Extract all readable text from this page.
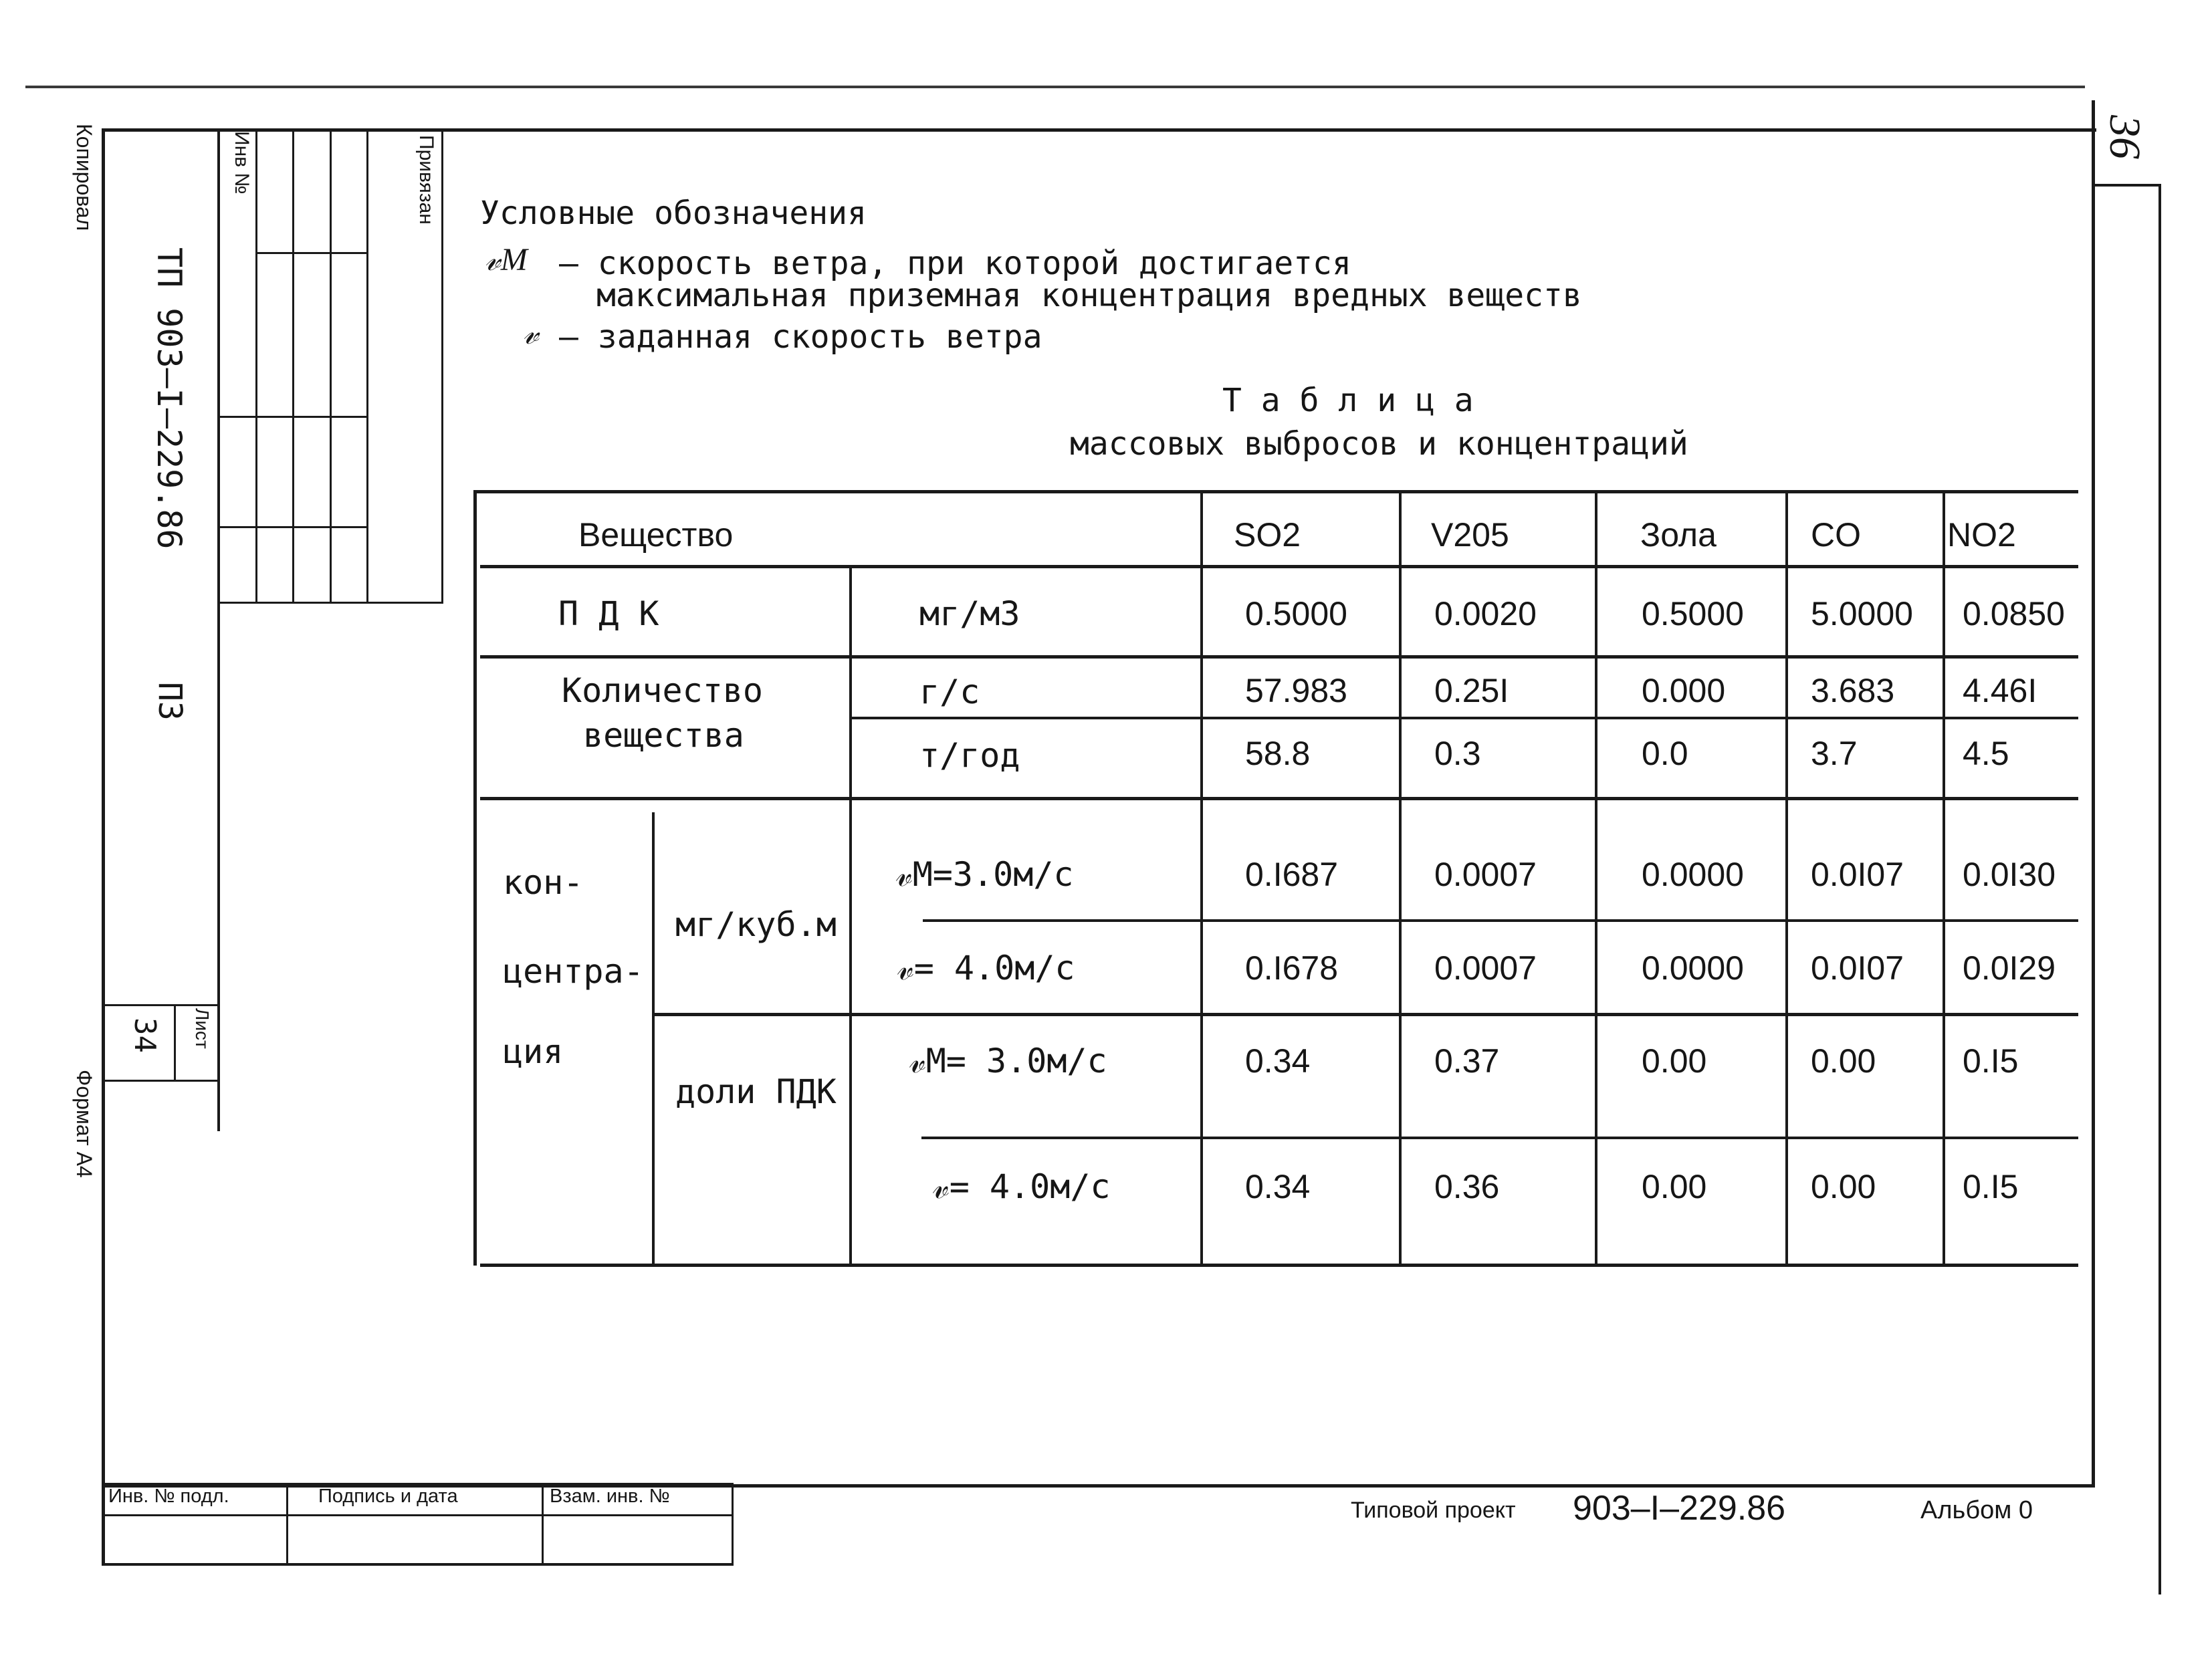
36
Копировал
Формат А4
Инв №	Привязан
ТП 903–I–229.86
ПЗ
Лист
34
Условные обозначения
𝓋М – скорость ветра, при которой достигается
максимальная приземная концентрация вредных веществ
𝓋 – заданная скорость ветра
Т а б л и ц а
массовых выбросов и концентраций
Вещество	SO2	V205	Зола	CO	NO2
П Д К	мг/м3	0.5000	0.0020	0.5000 5.0000 0.0850
Количество
вещества
г/с	57.983	0.25I	0.000	3.683 4.46I
т/год	58.8	0.3	0.0	3.7	4.5
кон-
центра-
ция
мг/куб.м
𝓋М=3.0м/с	0.I687	0.0007	0.0000 0.0I07 0.0I30
𝓋= 4.0м/с	0.I678	0.0007	0.0000 0.0I07 0.0I29
доли ПДК
𝓋М= 3.0м/с	0.34	0.37	0.00	0.00	0.I5
𝓋= 4.0м/с	0.34	0.36	0.00	0.00	0.I5
Инв. № подл.	Подпись и дата	Взам. инв. №
Типовой проект 903–I–229.86	Альбом 0
